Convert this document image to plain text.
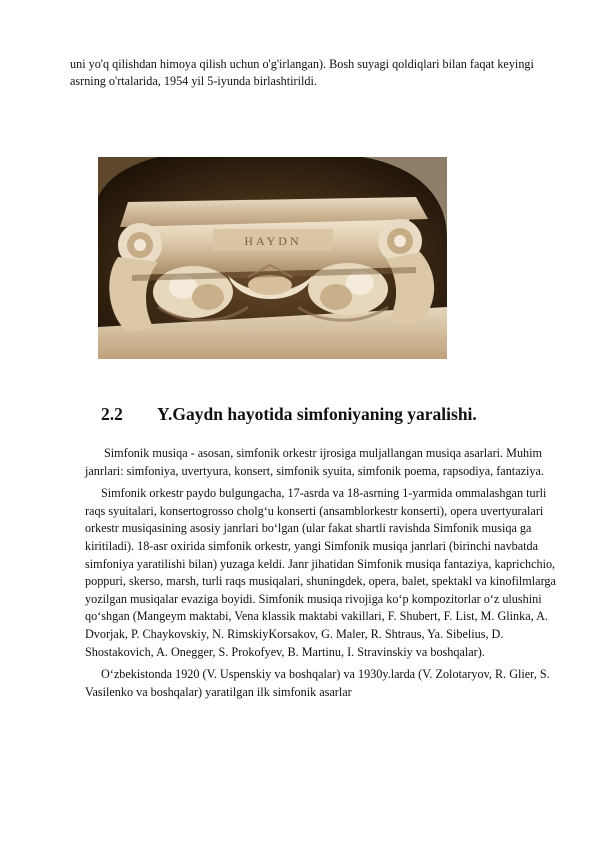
uni yo'q qilishdan himoya qilish uchun o'g'irlangan). Bosh suyagi qoldiqlari bilan faqat keyingi asrning o'rtalarida, 1954 yil 5-iyunda birlashtirildi.

HAYDN
2.2 Y.Gaydn hayotida simfoniyaning yaralishi.

Simfonik musiqa - asosan, simfonik orkestr ijrosiga muljallangan musiqa asarlari. Muhim janrlari: simfoniya, uvertyura, konsert, simfonik syuita, simfonik poema, rapsodiya, fantaziya.

Simfonik orkestr paydo bulgungacha, 17-asrda va 18-asrning 1-yarmida ommalashgan turli raqs syuitalari, konsertogrosso cholgʻu konserti (ansamblorkestr konserti), opera uvertyuralari orkestr musiqasining asosiy janrlari boʻlgan (ular fakat shartli ravishda Simfonik musiqa ga kiritiladi). 18-asr oxirida simfonik orkestr, yangi Simfonik musiqa janrlari (birinchi navbatda simfoniya yaratilishi bilan) yuzaga keldi. Janr jihatidan Simfonik musiqa fantaziya, kaprichchio, poppuri, skerso, marsh, turli raqs musiqalari, shuningdek, opera, balet, spektakl va kinofilmlarga yozilgan musiqalar evaziga boyidi. Simfonik musiqa rivojiga koʻp kompozitorlar oʻz ulushini qoʻshgan (Mangeym maktabi, Vena klassik maktabi vakillari, F. Shubert, F. List, M. Glinka, A. Dvorjak, P. Chaykovskiy, N. RimskiyKorsakov, G. Maler, R. Shtraus, Ya. Sibelius, D. Shostakovich, A. Onegger, S. Prokofyev, B. Martinu, I. Stravinskiy va boshqalar).

Oʻzbekistonda 1920 (V. Uspenskiy va boshqalar) va 1930y.larda (V. Zolotaryov, R. Glier, S. Vasilenko va boshqalar) yaratilgan ilk simfonik asarlar
